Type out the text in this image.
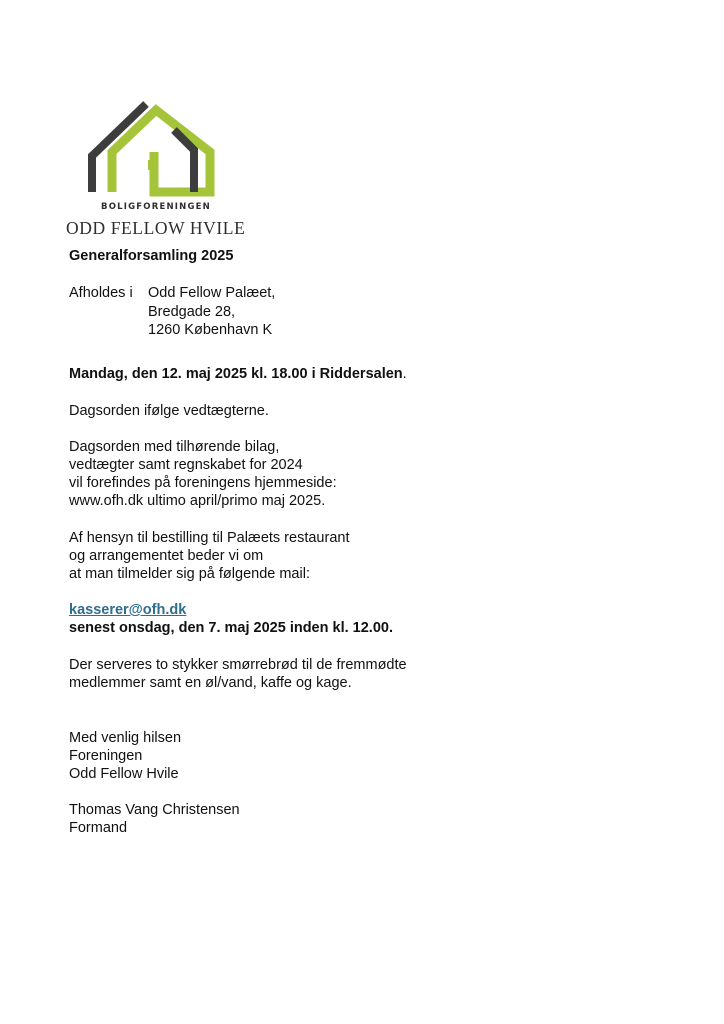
BOLIGFORENINGEN
ODD FELLOW HVILE
Generalforsamling 2025
Afholdes i Odd Fellow Palæet,
Bredgade 28,
1260 København K
Mandag, den 12. maj 2025 kl. 18.00 i Riddersalen.
Dagsorden ifølge vedtægterne.
Dagsorden med tilhørende bilag,
vedtægter samt regnskabet for 2024
vil forefindes på foreningens hjemmeside:
www.ofh.dk ultimo april/primo maj 2025.
Af hensyn til bestilling til Palæets restaurant
og arrangementet beder vi om
at man tilmelder sig på følgende mail:
kasserer@ofh.dk
senest onsdag, den 7. maj 2025 inden kl. 12.00.
Der serveres to stykker smørrebrød til de fremmødte
medlemmer samt en øl/vand, kaffe og kage.
Med venlig hilsen
Foreningen
Odd Fellow Hvile
Thomas Vang Christensen
Formand
